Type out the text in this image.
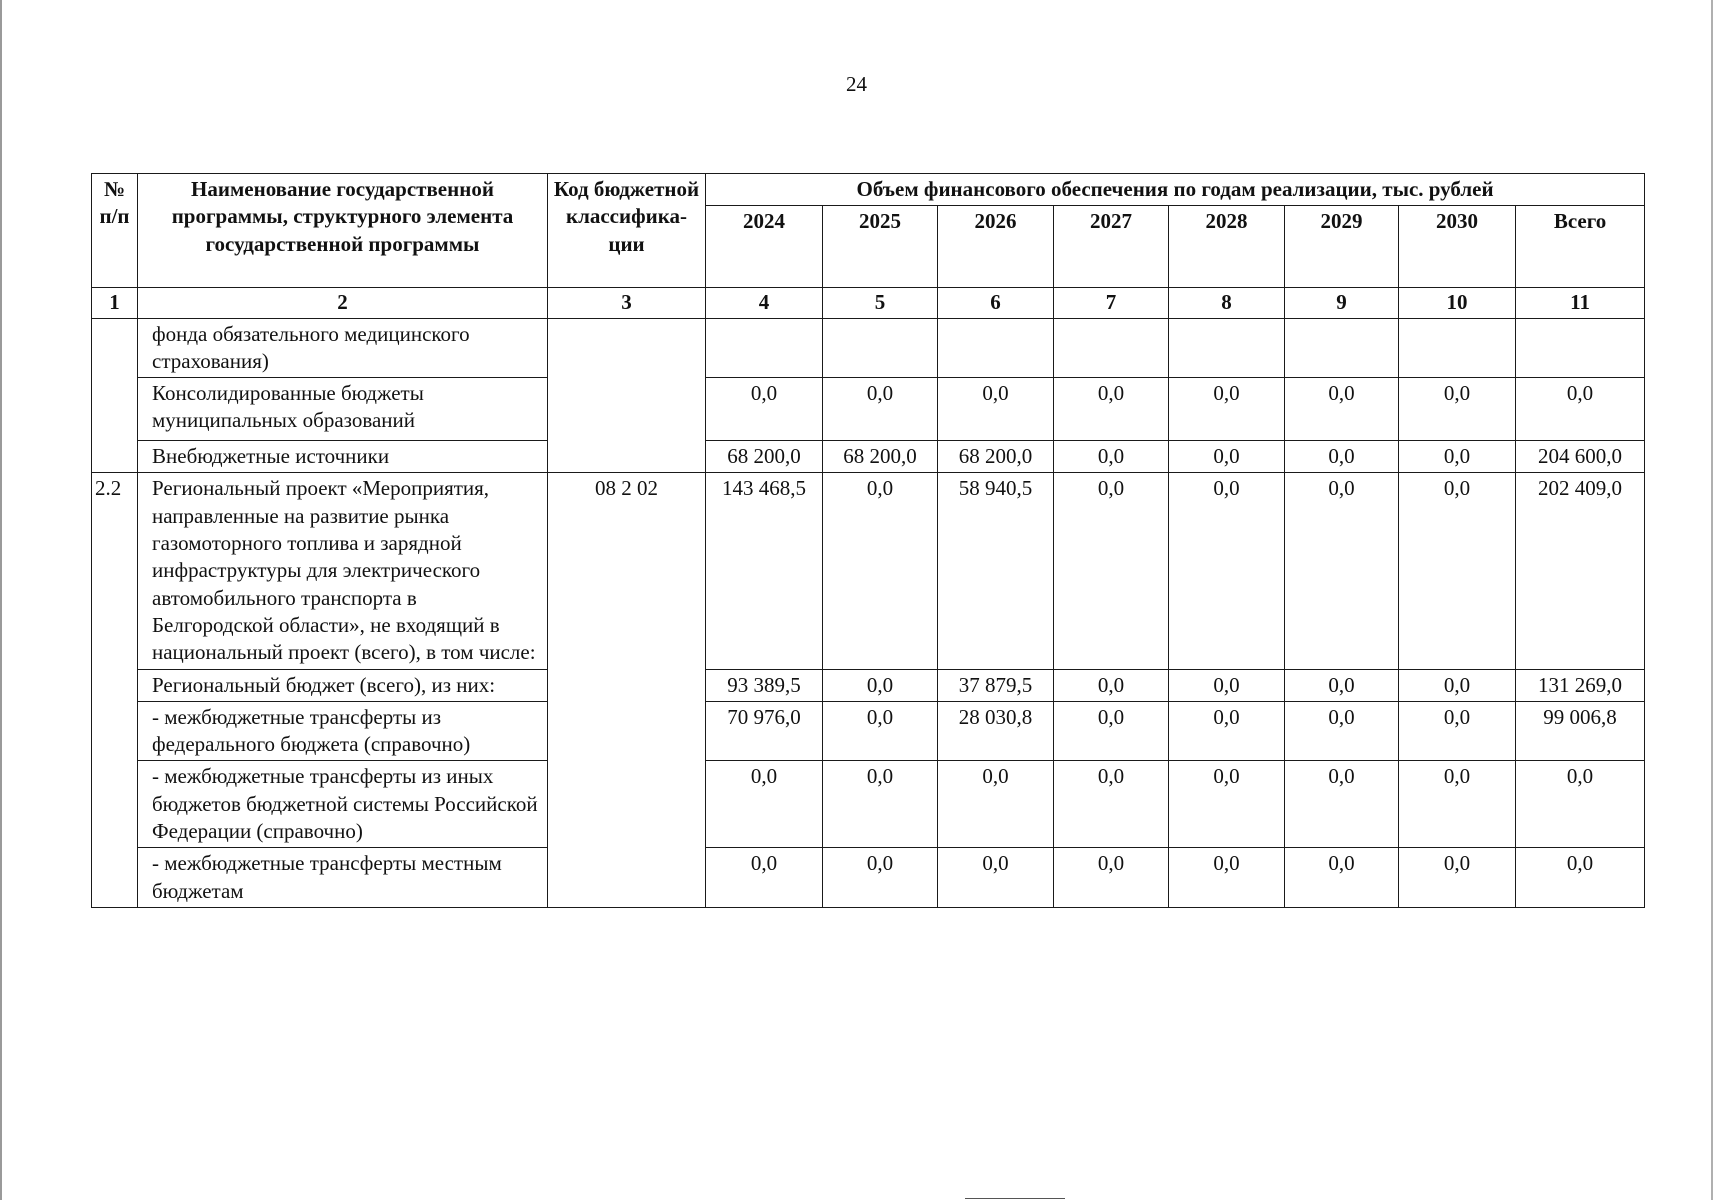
24
№ п/п	Наименование государственной программы, структурного элемента государственной программы	Код бюджетной классифика-ции	Объем финансового обеспечения по годам реализации, тыс. рублей							
			2024	2025	2026	2027	2028	2029	2030	Всего
1	2	3	4	5	6	7	8	9	10	11
	фонда обязательного медицинского страхования)									
	Консолидированные бюджеты муниципальных образований		0,0	0,0	0,0	0,0	0,0	0,0	0,0	0,0
	Внебюджетные источники		68 200,0	68 200,0	68 200,0	0,0	0,0	0,0	0,0	204 600,0
2.2	Региональный проект «Мероприятия, направленные на развитие рынка газомоторного топлива и зарядной инфраструктуры для электрического автомобильного транспорта в Белгородской области», не входящий в национальный проект (всего), в том числе:	08 2 02	143 468,5	0,0	58 940,5	0,0	0,0	0,0	0,0	202 409,0
	Региональный бюджет (всего), из них:		93 389,5	0,0	37 879,5	0,0	0,0	0,0	0,0	131 269,0
	- межбюджетные трансферты из федерального бюджета (справочно)		70 976,0	0,0	28 030,8	0,0	0,0	0,0	0,0	99 006,8
	- межбюджетные трансферты из иных бюджетов бюджетной системы Российской Федерации (справочно)		0,0	0,0	0,0	0,0	0,0	0,0	0,0	0,0
	- межбюджетные трансферты местным бюджетам		0,0	0,0	0,0	0,0	0,0	0,0	0,0	0,0
